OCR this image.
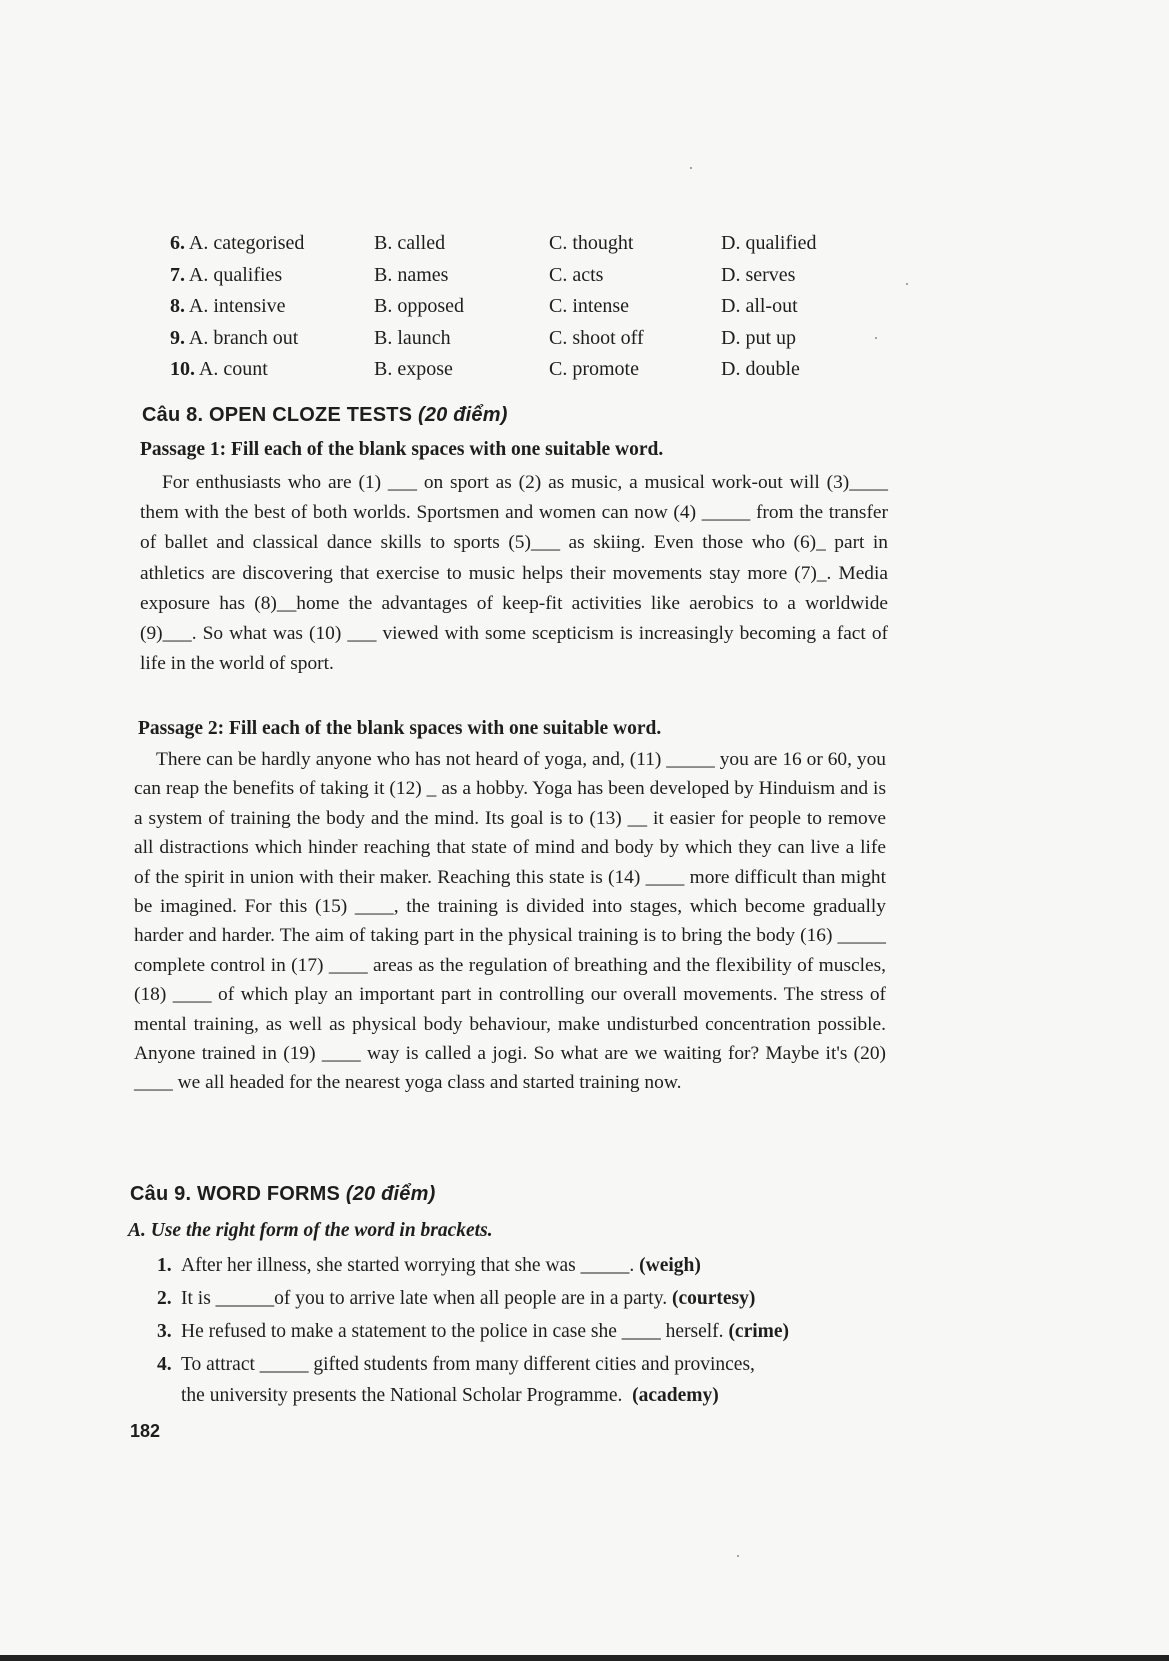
6. A. categorised	B. called	C. thought	D. qualified
7. A. qualifies	B. names	C. acts	D. serves
8. A. intensive	B. opposed	C. intense	D. all-out
9. A. branch out	B. launch	C. shoot off	D. put up
10. A. count	B. expose	C. promote	D. double
Câu 8. OPEN CLOZE TESTS (20 điểm)
Passage 1: Fill each of the blank spaces with one suitable word.
For enthusiasts who are (1) ___ on sport as (2) as music, a musical work-out will (3)____ them with the best of both worlds. Sportsmen and women can now (4) _____ from the transfer of ballet and classical dance skills to sports (5)___ as skiing. Even those who (6)_ part in athletics are discovering that exercise to music helps their movements stay more (7)_. Media exposure has (8)__home the advantages of keep-fit activities like aerobics to a worldwide (9)___. So what was (10) ___ viewed with some scepticism is increasingly becoming a fact of life in the world of sport.
Passage 2: Fill each of the blank spaces with one suitable word.
There can be hardly anyone who has not heard of yoga, and, (11) _____ you are 16 or 60, you can reap the benefits of taking it (12) _ as a hobby. Yoga has been developed by Hinduism and is a system of training the body and the mind. Its goal is to (13) __ it easier for people to remove all distractions which hinder reaching that state of mind and body by which they can live a life of the spirit in union with their maker. Reaching this state is (14) ____ more difficult than might be imagined. For this (15) ____, the training is divided into stages, which become gradually harder and harder. The aim of taking part in the physical training is to bring the body (16) _____ complete control in (17) ____ areas as the regulation of breathing and the flexibility of muscles, (18) ____ of which play an important part in controlling our overall movements. The stress of mental training, as well as physical body behaviour, make undisturbed concentration possible. Anyone trained in (19) ____ way is called a jogi. So what are we waiting for? Maybe it's (20) ____ we all headed for the nearest yoga class and started training now.
Câu 9. WORD FORMS (20 điểm)
A. Use the right form of the word in brackets.
1. After her illness, she started worrying that she was _____.
(weigh)
2. It is ______of you to arrive late when all people are in a party.
(courtesy)
3. He refused to make a statement to the police in case she ____ herself.
(crime)
4. To attract _____ gifted students from many different cities and provinces,
the university presents the National Scholar Programme.  (academy)
182
